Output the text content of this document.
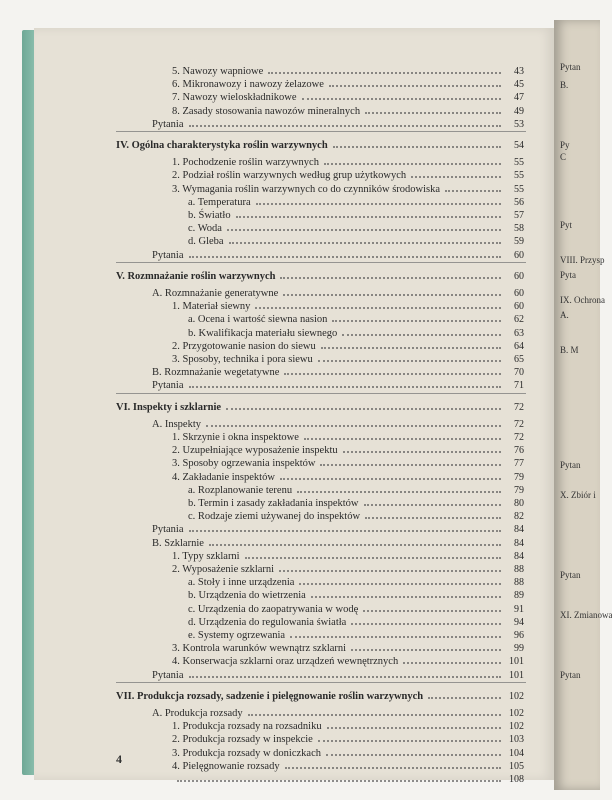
5. Nawozy wapniowe	43
6. Mikronawozy i nawozy żelazowe	45
7. Nawozy wieloskładnikowe	47
8. Zasady stosowania nawozów mineralnych	49
Pytania	53
IV. Ogólna charakterystyka roślin warzywnych	54
1. Pochodzenie roślin warzywnych	55
2. Podział roślin warzywnych według grup użytkowych	55
3. Wymagania roślin warzywnych co do czynników środowiska	55
a. Temperatura	56
b. Światło	57
c. Woda	58
d. Gleba	59
Pytania	60
V. Rozmnażanie roślin warzywnych	60
A. Rozmnażanie generatywne	60
1. Materiał siewny	60
a. Ocena i wartość siewna nasion	62
b. Kwalifikacja materiału siewnego	63
2. Przygotowanie nasion do siewu	64
3. Sposoby, technika i pora siewu	65
B. Rozmnażanie wegetatywne	70
Pytania	71
VI. Inspekty i szklarnie	72
A. Inspekty	72
1. Skrzynie i okna inspektowe	72
2. Uzupełniające wyposażenie inspektu	76
3. Sposoby ogrzewania inspektów	77
4. Zakładanie inspektów	79
a. Rozplanowanie terenu	79
b. Termin i zasady zakładania inspektów	80
c. Rodzaje ziemi używanej do inspektów	82
Pytania	84
B. Szklarnie	84
1. Typy szklarni	84
2. Wyposażenie szklarni	88
a. Stoły i inne urządzenia	88
b. Urządzenia do wietrzenia	89
c. Urządzenia do zaopatrywania w wodę	91
d. Urządzenia do regulowania światła	94
e. Systemy ogrzewania	96
3. Kontrola warunków wewnątrz szklarni	99
4. Konserwacja szklarni oraz urządzeń wewnętrznych	101
Pytania	101
VII. Produkcja rozsady, sadzenie i pielęgnowanie roślin warzywnych	102
A. Produkcja rozsady	102
1. Produkcja rozsady na rozsadniku	102
2. Produkcja rozsady w inspekcie	103
3. Produkcja rozsady w doniczkach	104
4. Pielęgnowanie rozsady	105
108
4
Pytan
B.
Py
C
Pyt
VIII. Przysp
Pyta
IX. Ochrona
A.
B. M
Pytan
X. Zbiór i
Pytan
XI. Zmianowa
Pytan
